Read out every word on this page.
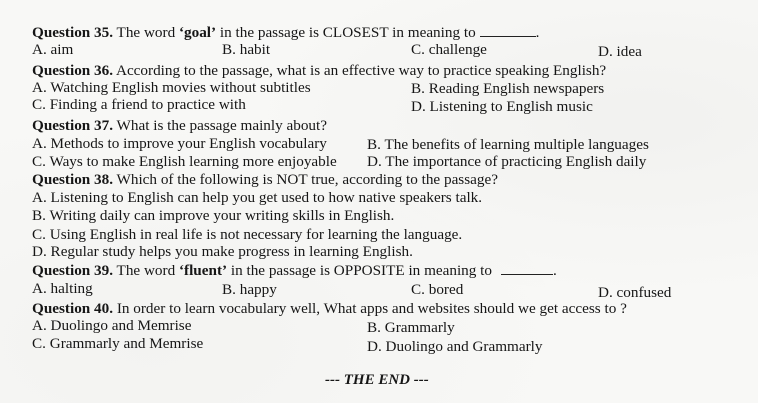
Question 35. The word ‘goal’ in the passage is CLOSEST in meaning to	.
A. aim	B. habit	C. challenge	D. idea
Question 36. According to the passage, what is an effective way to practice speaking English?
A. Watching English movies without subtitles	B. Reading English newspapers
C. Finding a friend to practice with	D. Listening to English music
Question 37. What is the passage mainly about?
A. Methods to improve your English vocabulary	B. The benefits of learning multiple languages
C. Ways to make English learning more enjoyable D. The importance of practicing English daily
Question 38. Which of the following is NOT true, according to the passage?
A. Listening to English can help you get used to how native speakers talk.
B. Writing daily can improve your writing skills in English.
C. Using English in real life is not necessary for learning the language.
D. Regular study helps you make progress in learning English.
Question 39. The word ‘fluent’ in the passage is OPPOSITE in meaning to	.
A. halting	B. happy	C. bored	D. confused
Question 40. In order to learn vocabulary well, What apps and websites should we get access to ?
A. Duolingo and Memrise	B. Grammarly
C. Grammarly and Memrise	D. Duolingo and Grammarly
--- THE END ---
